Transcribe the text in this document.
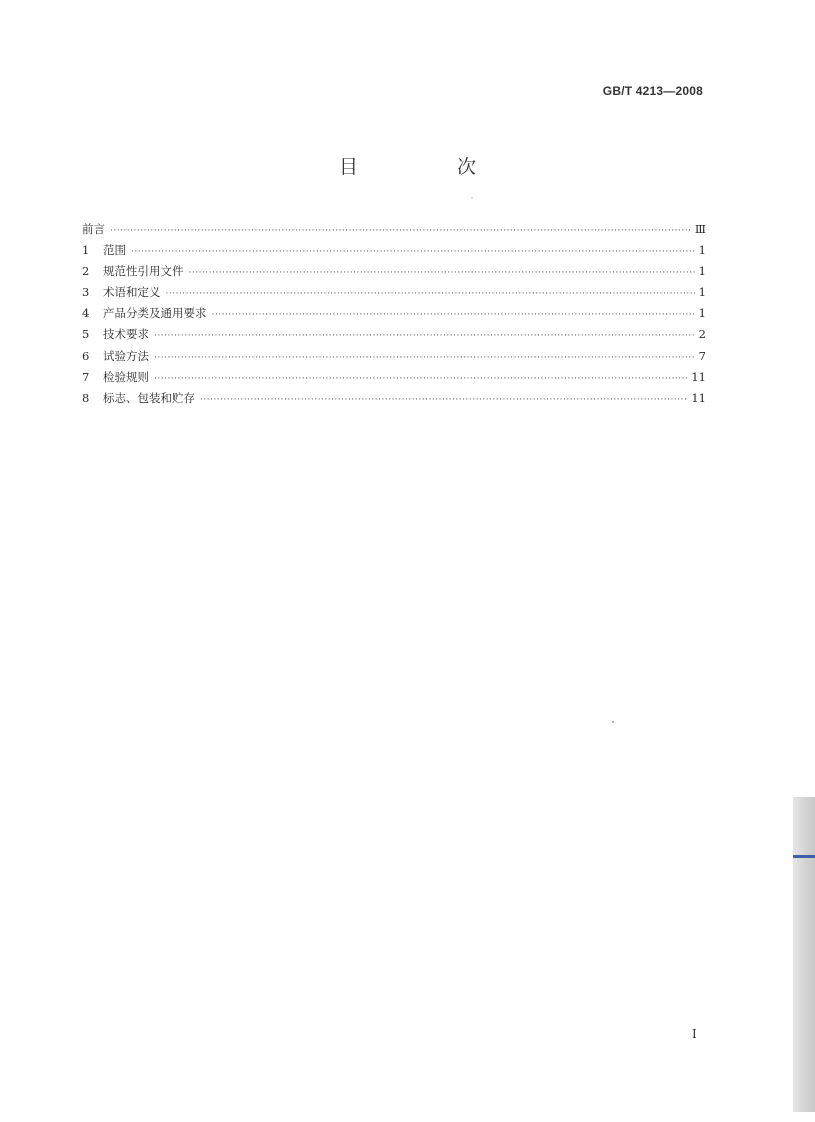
GB/T 4213—2008
目　次
前言 ·····	Ⅲ
1	范围 ·····	1
2	规范性引用文件 ·····	1
3	术语和定义 ·····	1
4	产品分类及通用要求 ·····	1
5	技术要求 ·····	2
6	试验方法 ·····	7
7	检验规则 ·····	11
8	标志、包装和贮存 ·····	11
Ⅰ
